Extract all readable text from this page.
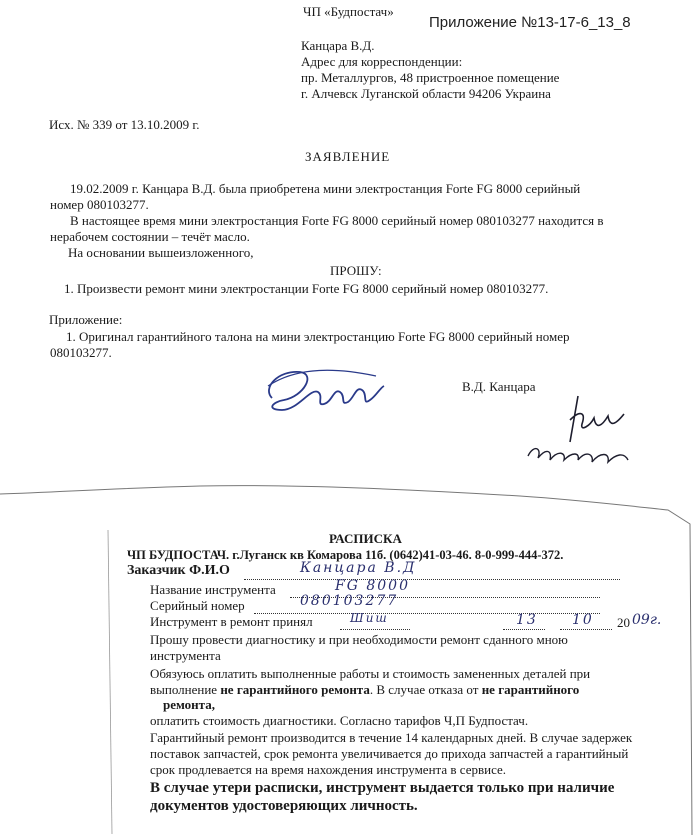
ЧП «Будпостач»
Приложение №13-17-6_13_8
Канцара В.Д.
Адрес для корреспонденции:
пр. Металлургов, 48 пристроенное помещение
г. Алчевск Луганской области 94206 Украина
Исх. № 339 от 13.10.2009 г.
ЗАЯВЛЕНИЕ
19.02.2009 г. Канцара В.Д. была приобретена мини электростанция Forte FG 8000 серийный
номер 080103277.
В настоящее время мини электростанция Forte FG 8000 серийный номер 080103277 находится в
нерабочем состоянии – течёт масло.
На основании вышеизложенного,
ПРОШУ:
1. Произвести ремонт мини электростанции Forte FG 8000 серийный номер 080103277.
Приложение:
1. Оригинал гарантийного талона на мини электростанцию Forte FG 8000 серийный номер
080103277.
В.Д. Канцара
РАСПИСКА
ЧП БУДПОСТАЧ. г.Луганск кв Комарова 11б. (0642)41-03-46. 8-0-999-444-372.
Заказчик Ф.И.О	Канцара В.Д
Название инструмента	FG 8000
Серийный номер	080103277
Инструмент в ремонт принял	Шиш	13 10 20 09г.
Прошу провести диагностику и при необходимости ремонт сданного мною
инструмента
Обязуюсь оплатить выполненные работы и стоимость замененных деталей при
выполнение не гарантийного ремонта. В случае отказа от не гарантийного
ремонта,
оплатить стоимость диагностики. Согласно тарифов Ч,П Будпостач.
Гарантийный ремонт производится в течение 14 календарных дней. В случае задержек
поставок запчастей, срок ремонта увеличивается до прихода запчастей а гарантийный
срок продлевается на время нахождения инструмента в сервисе.
В случае утери расписки, инструмент выдается только при наличие
документов удостоверяющих личность.
